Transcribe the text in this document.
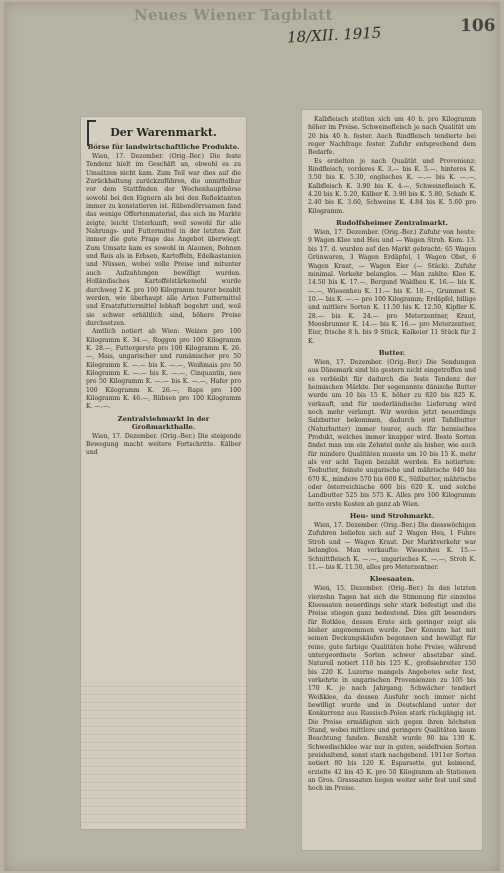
Neues Wiener Tagblatt
18/XII. 1915	106
Der Warenmarkt.
Börse für landwirtschaftliche Produkte.

Wien, 17. Dezember. (Orig.-Ber.) Die feste Tendenz hielt im Geschäft an, obwohl es zu Umsätzen nicht kam. Zum Teil war dies auf die Zurückhaltung zurückzuführen, die unmittelbar vor dem Stattfinden der Wochenhauptbörse sowohl bei den Eignern als bei den Reflektanten immer zu konstatieren ist. Rübendörrsamen fand das wenige Offertenmaterial, das sich im Markte zeigte, leicht Unterkunft, weil sowohl für alle Nahrungs- und Futtermittel in der letzten Zeit immer die gute Frage das Angebot überwiegt. Zum Umsatz kam es sowohl in Alaunen, Bohnen und Reis als in Erbsen, Kartoffeln, Edelkastanien und Nüssen, wobei volle Preise und mitunter auch Aufzahlungen bewilligt wurden. Holländisches Kartoffelstärkemehl wurde durchweg 2 K. pro 100 Kilogramm teurer bezahlt werden, wie überhaupt alle Arten Futtermittel und Ersatzfuttermittel lebhaft begehrt und, weil sie schwer erhältlich sind, höhere Preise durchsetzen.

Amtlich notiert ab Wien: Weizen pro 100 Kilogramm K. 34.—, Roggen pro 100 Kilogramm K. 28.—, Futtergerste pro 100 Kilogramm K. 26.—, Mais, ungarischer und rumänischer pro 50 Kilogramm K. —.— bis K. —.—, Weißmais pro 50 Kilogramm K. —.— bis K. —.—, Cinquantin, neu pro 50 Kilogramm K. —.— bis K. —.—, Hafer pro 100 Kilogramm K. 26.—, Raps pro 100 Kilogramm K. 46.—, Rübsen pro 100 Kilogramm K. —.—.

Zentralviehmarkt in der Großmarkthalle.

Wien, 17. Dezember. (Orig.-Ber.) Die steigende Bewegung macht weitere Fortschritte. Kälber und

Kalbfleisch stellten sich um 40 h. pro Kilogramm höher im Preise. Schweinefleisch je nach Qualität um 20 bis 40 h. fester. Auch Rindfleisch tendierte bei reger Nachfrage fester. Zufuhr entsprechend dem Bedarfe.

Es erzielten je nach Qualität und Provenienz: Rindfleisch, vorderes K. 3.— bis K. 5.—, hinteres K. 3.50 bis K. 5.30, englisches K. —.— bis K. —.—, Kalbfleisch K. 3.90 bis K. 4.—, Schweinefleisch K. 4.20 bis K. 5.20, Kälber K. 3.90 bis K. 5.80, Schafe K. 2.40 bis K. 3.60, Schweine K. 4.84 bis K. 5.60 pro Kilogramm.

Rudolfsheimer Zentralmarkt.

Wien, 17. Dezember. (Orig.-Ber.) Zufuhr von heute: 9 Wagen Klee und Heu und — Wagen Stroh. Kom. 13. bis 17. d. wurden auf den Markt gebracht: 65 Wagen Grünwaren, 3 Wagen Erdäpfel, 1 Wagen Obst, 6 Wagen Kraut, — Wagen Eier (— Stück). Zufuhr minimal. Verkehr belanglos. — Man zahlte: Klee K. 14.50 bis K. 17.—, Bergund Waldheu K. 16.— bis K. —.—, Wiesenheu K. 11.— bis K. 18.—, Grummet K. 10.— bis K. —.— pro 100 Kilogramm; Erdäpfel, billige und mittlere Sorten K. 11.50 bis K. 12.50, Kipfler K. 28.— bis K. 24.— pro Meterzentner, Kraut, Moosbrunner K. 14.— bis K. 16.— pro Meterzentner, Eier, frische 8 h. bis 9 Stück, Kalkeier 11 Stück für 2 K.

Butter.

Wien, 17. Dezember. (Orig.-Ber.) Die Sendungen aus Dänemark sind bis gestern nicht eingetroffen und es verbleibt für dadurch die feste Tendenz der heimischen Märkte. Der sogenannte dänische Butter wurde um 10 bis 15 K. höher zu 820 bis 825 K. verkauft, und für niederländische Lieferung wird noch mehr verlangt. Wir werden jetzt neuerdings Salzbutter bekommen, dadurch wird Tafelbutter (Naturbutter) immer teurer, auch für heimisches Produkt, welches immer knapper wird. Beste Sorten findet man um ein Zehntel mehr als bisher, wie auch für mindere Qualitäten musste um 10 bis 15 K. mehr als vor acht Tagen bezahlt werden. Es notierten: Teebutter, feinste ungarische und mährische 640 bis 670 K., mindere 570 bis 600 K., Süßbutter, mährische oder österreichische 600 bis 620 K. und solche Landbutter 525 bis 575 K. Alles pro 100 Kilogramm netto erste Kosten ab ganz ab Wien.

Heu- und Strohmarkt.

Wien, 17. Dezember. (Orig.-Ber.) Die diesswöchigen Zufuhren beliefen sich auf 2 Wagen Heu, 1 Fuhre Stroh und — Wagen Kraut. Der Marktverkehr war belanglos. Man verkaufte: Wiesenheu K. 15.— Schnittfleisch K. —.—, ungarisches K. —.—, Stroh K. 11.— bis K. 11.50, alles pro Meterzentner.

Kleesaaten.

Wien, 15. Dezember. (Orig.-Ber.) In den letzten vierzehn Tagen hat sich die Stimmung für einzelne Kleesaaten neuerdings sehr stark befestigt und die Preise stiegen ganz bedeutend. Dies gilt besonders für Rotklee, dessen Ernte sich geringer zeigt als bisher angenommen wurde. Der Konsum hat mit seinen Deckungskäufen begonnen und bewilligt für reine, gute farbige Qualitäten hohe Preise, während untergeordnete Sorten schwer absetzbar sind. Naturell notiert 110 bis 125 K., großsiebreiter 150 bis 220 K. Luzerne mangels Angebotes sehr fest, verkehrte in ungarischen Provenienzen zu 105 bis 170 K. je nach Jahrgang. Schwächer tendiert Weißklee, da dessen Ausfuhr noch immer nicht bewilligt wurde und in Deutschland unter der Konkurrenz aus Russisch-Polen stark rückgängig ist. Die Preise ermäßigten sich gegen ihren höchsten Stand, wobei mittlere und geringere Qualitäten kaum Beachtung fanden. Bezahlt wurde 90 bis 130 K. Schwedischklee war nur in guten, seidefreien Sorten preishaltend, sonst stark nachgebend. 1911er Sorten notiert 80 bis 120 K. Esparsette, gut keimend, erzielte 42 bis 45 K. pro 50 Kilogramm ab Stationen an Gros. Grassaaten liegen weiter sehr fest und sind hoch im Preise.
